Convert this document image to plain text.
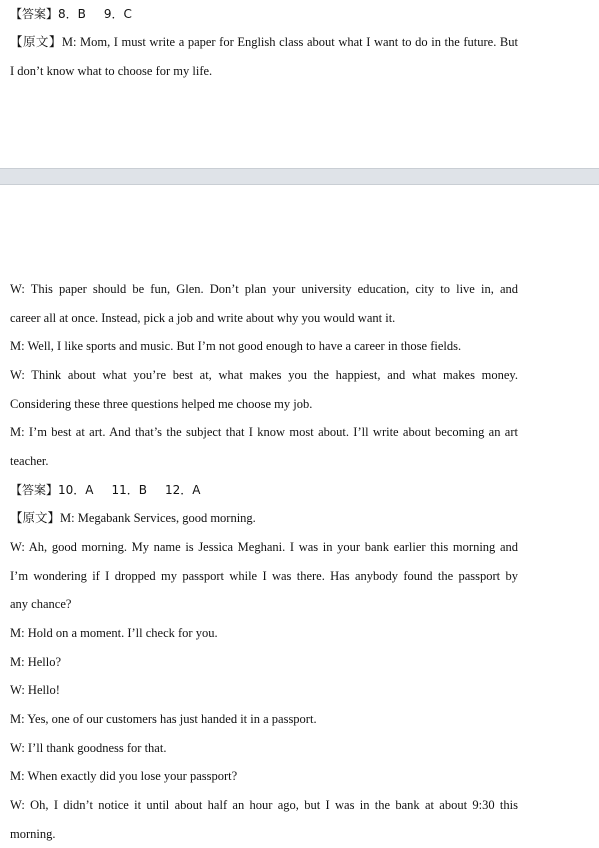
【答案】8．B 9．C
【原文】M: Mom, I must write a paper for English class about what I want to do in the future. But
I don’t know what to choose for my life.
W: This paper should be fun, Glen. Don’t plan your university education, city to live in, and
career all at once. Instead, pick a job and write about why you would want it.
M: Well, I like sports and music. But I’m not good enough to have a career in those fields.
W: Think about what you’re best at, what makes you the happiest, and what makes money.
Considering these three questions helped me choose my job.
M: I’m best at art. And that’s the subject that I know most about. I’ll write about becoming an art
teacher.
【答案】10．A 11．B 12．A
【原文】M: Megabank Services, good morning.
W: Ah, good morning. My name is Jessica Meghani. I was in your bank earlier this morning and
I’m wondering if I dropped my passport while I was there. Has anybody found the passport by
any chance?
M: Hold on a moment. I’ll check for you.
M: Hello?
W: Hello!
M: Yes, one of our customers has just handed it in a passport.
W: I’ll thank goodness for that.
M: When exactly did you lose your passport?
W: Oh, I didn’t notice it until about half an hour ago, but I was in the bank at about 9:30 this
morning.
